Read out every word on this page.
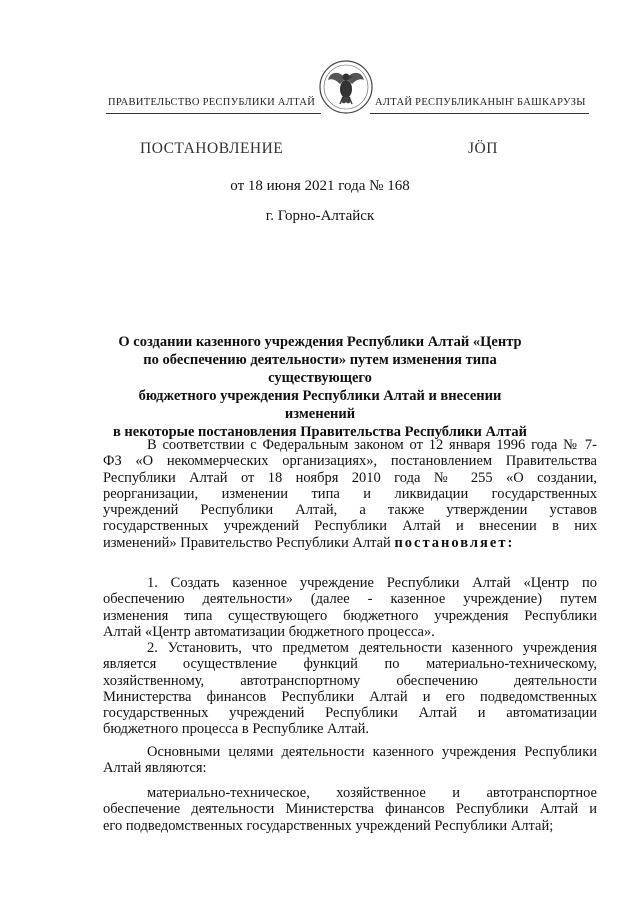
ПРАВИТЕЛЬСТВО РЕСПУБЛИКИ АЛТАЙ	АЛТАЙ РЕСПУБЛИКАНЫҤ БАШКАРУЗЫ
ПОСТАНОВЛЕНИЕ	ЈӦП
от 18 июня 2021 года № 168
г. Горно-Алтайск
О создании казенного учреждения Республики Алтай «Центр
по обеспечению деятельности» путем изменения типа существующего
бюджетного учреждения Республики Алтай и внесении изменений
в некоторые постановления Правительства Республики Алтай
В соответствии с Федеральным законом от 12 января 1996 года № 7-
ФЗ «О некоммерческих организациях», постановлением Правительства
Республики Алтай от 18 ноября 2010 года № 255 «О создании,
реорганизации, изменении типа и ликвидации государственных
учреждений Республики Алтай, а также утверждении уставов
государственных учреждений Республики Алтай и внесении в них
изменений» Правительство Республики Алтай постановляет:
1. Создать казенное учреждение Республики Алтай «Центр по
обеспечению деятельности» (далее - казенное учреждение) путем
изменения типа существующего бюджетного учреждения Республики
Алтай «Центр автоматизации бюджетного процесса».
2. Установить, что предметом деятельности казенного учреждения
является осуществление функций по материально-техническому,
хозяйственному, автотранспортному обеспечению деятельности
Министерства финансов Республики Алтай и его подведомственных
государственных учреждений Республики Алтай и автоматизации
бюджетного процесса в Республике Алтай.
Основными целями деятельности казенного учреждения Республики
Алтай являются:
материально-техническое, хозяйственное и автотранспортное
обеспечение деятельности Министерства финансов Республики Алтай и
его подведомственных государственных учреждений Республики Алтай;
